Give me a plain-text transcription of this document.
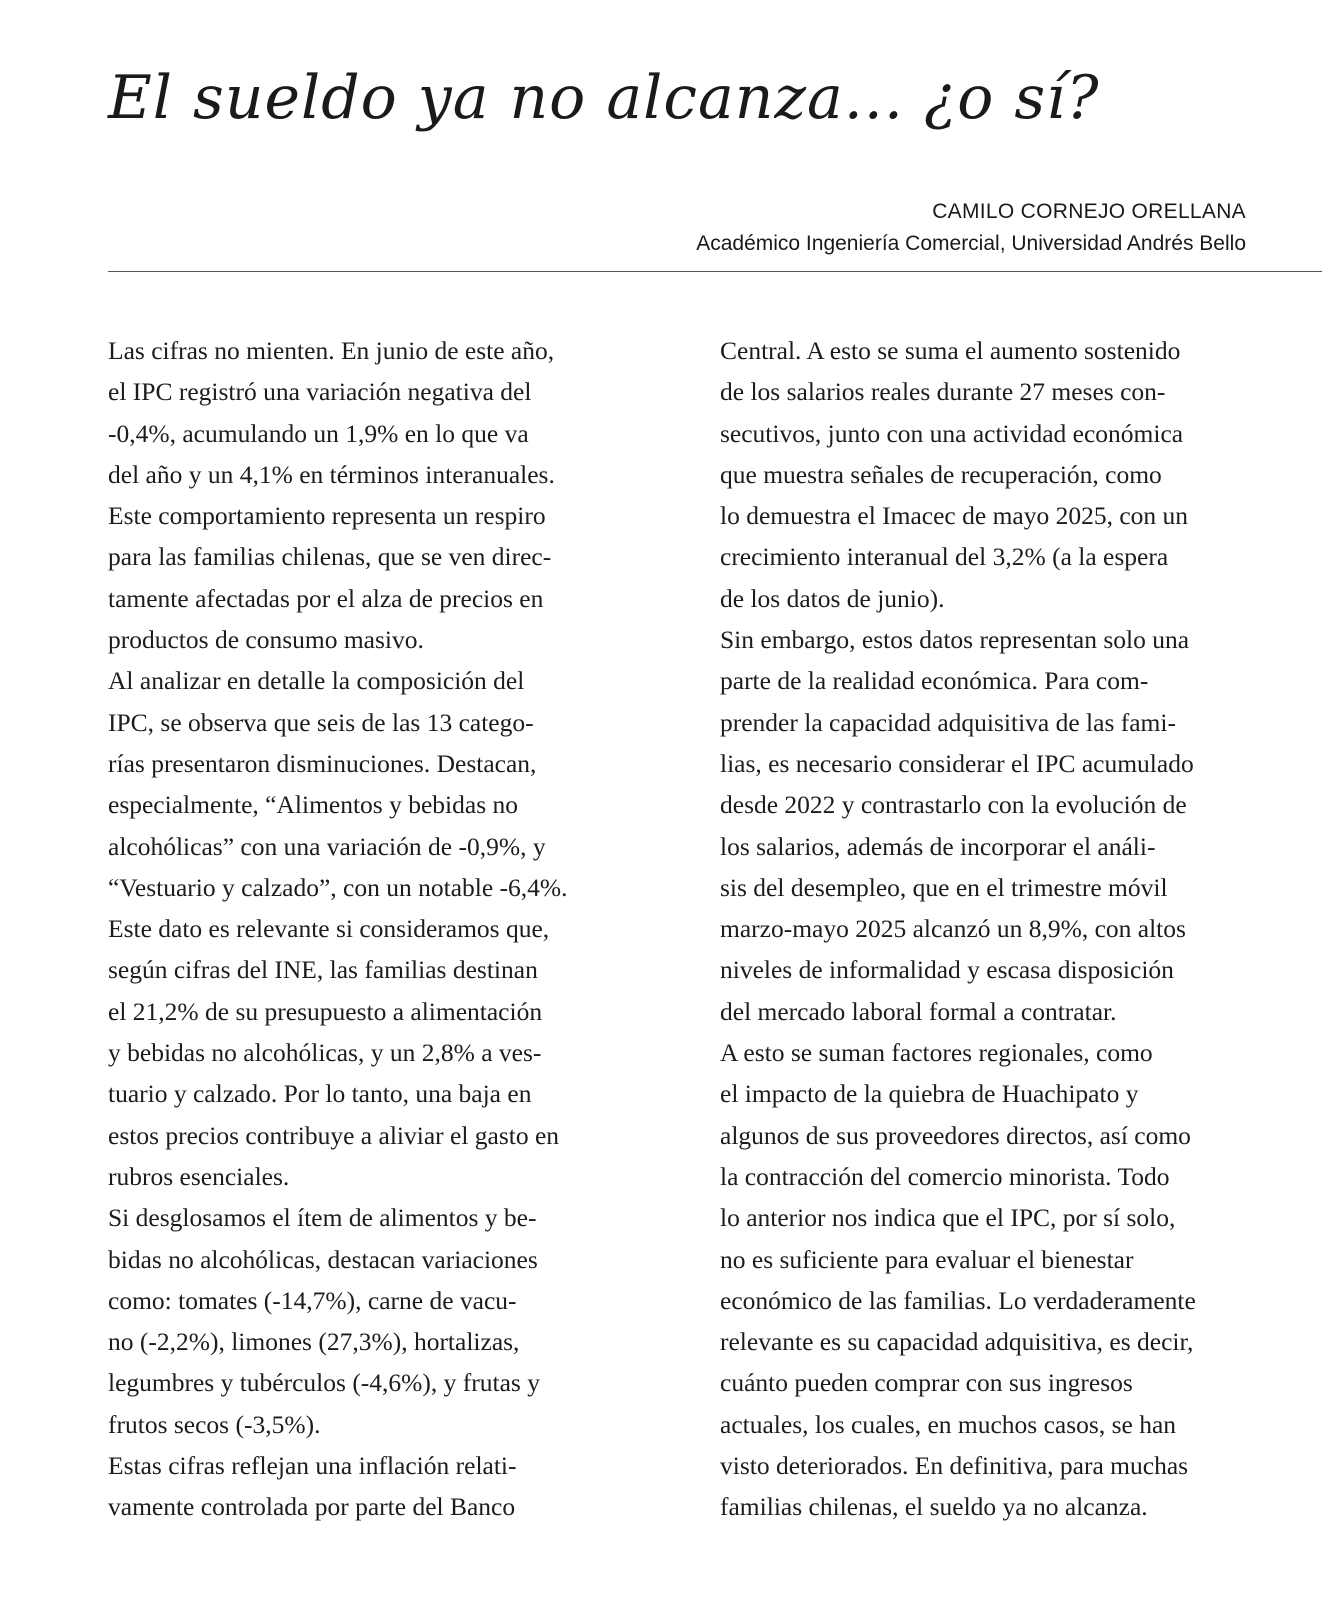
El sueldo ya no alcanza... ¿o sí?
CAMILO CORNEJO ORELLANA
Académico Ingeniería Comercial, Universidad Andrés Bello
Las cifras no mienten. En junio de este año,
el IPC registró una variación negativa del
-0,4%, acumulando un 1,9% en lo que va
del año y un 4,1% en términos interanuales.
Este comportamiento representa un respiro
para las familias chilenas, que se ven direc-
tamente afectadas por el alza de precios en
productos de consumo masivo.
Al analizar en detalle la composición del
IPC, se observa que seis de las 13 catego-
rías presentaron disminuciones. Destacan,
especialmente, “Alimentos y bebidas no
alcohólicas” con una variación de -0,9%, y
“Vestuario y calzado”, con un notable -6,4%.
Este dato es relevante si consideramos que,
según cifras del INE, las familias destinan
el 21,2% de su presupuesto a alimentación
y bebidas no alcohólicas, y un 2,8% a ves-
tuario y calzado. Por lo tanto, una baja en
estos precios contribuye a aliviar el gasto en
rubros esenciales.
Si desglosamos el ítem de alimentos y be-
bidas no alcohólicas, destacan variaciones
como: tomates (-14,7%), carne de vacu-
no (-2,2%), limones (27,3%), hortalizas,
legumbres y tubérculos (-4,6%), y frutas y
frutos secos (-3,5%).
Estas cifras reflejan una inflación relati-
vamente controlada por parte del Banco
Central. A esto se suma el aumento sostenido
de los salarios reales durante 27 meses con-
secutivos, junto con una actividad económica
que muestra señales de recuperación, como
lo demuestra el Imacec de mayo 2025, con un
crecimiento interanual del 3,2% (a la espera
de los datos de junio).
Sin embargo, estos datos representan solo una
parte de la realidad económica. Para com-
prender la capacidad adquisitiva de las fami-
lias, es necesario considerar el IPC acumulado
desde 2022 y contrastarlo con la evolución de
los salarios, además de incorporar el análi-
sis del desempleo, que en el trimestre móvil
marzo-mayo 2025 alcanzó un 8,9%, con altos
niveles de informalidad y escasa disposición
del mercado laboral formal a contratar.
A esto se suman factores regionales, como
el impacto de la quiebra de Huachipato y
algunos de sus proveedores directos, así como
la contracción del comercio minorista. Todo
lo anterior nos indica que el IPC, por sí solo,
no es suficiente para evaluar el bienestar
económico de las familias. Lo verdaderamente
relevante es su capacidad adquisitiva, es decir,
cuánto pueden comprar con sus ingresos
actuales, los cuales, en muchos casos, se han
visto deteriorados. En definitiva, para muchas
familias chilenas, el sueldo ya no alcanza.
